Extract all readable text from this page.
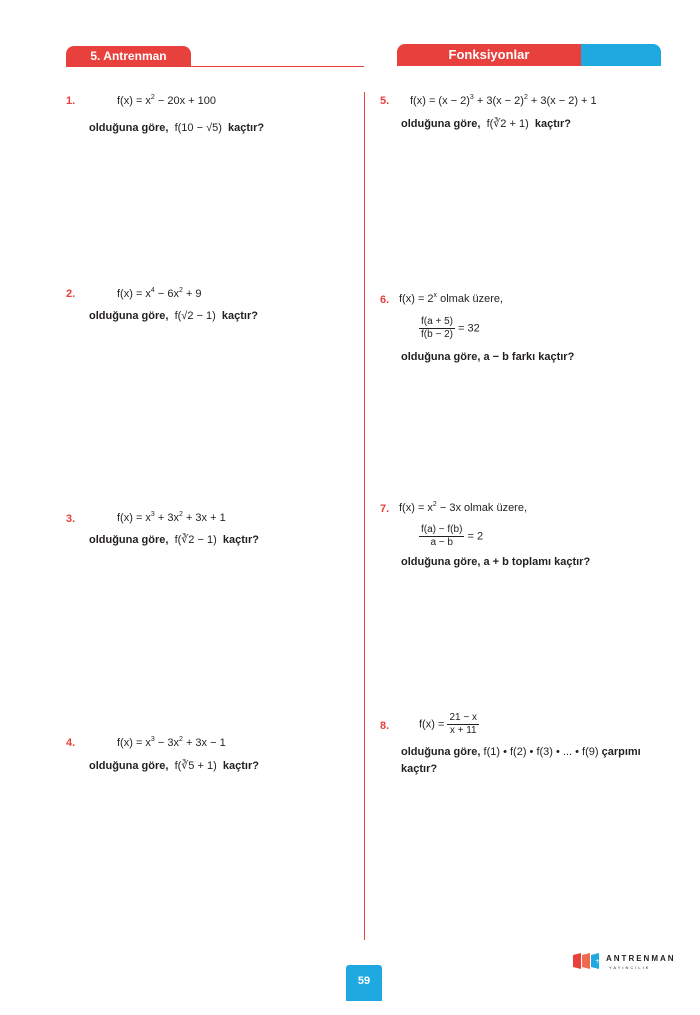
5. Antrenman	Fonksiyonlar
1.	$f(x) = x^2 - 20x + 100$
olduğuna göre, f(10 − √5) kaçtır?
2.	$f(x) = x^4 - 6x^2 + 9$
olduğuna göre, f(√2 − 1) kaçtır?
3.	$f(x) = x^3 + 3x^2 + 3x + 1$
olduğuna göre, f(∛2 − 1) kaçtır?
4.	$f(x) = x^3 - 3x^2 + 3x - 1$
olduğuna göre, f(∛5 + 1) kaçtır?
5. $f(x) = (x - 2)^3 + 3(x - 2)^2 + 3(x - 2) + 1$
olduğuna göre, f(∛2 + 1) kaçtır?
6. $f(x) = 2^x$ olmak üzere,
$\frac{f(a + 5)}{f(b - 2)} = 32$
olduğuna göre, a − b farkı kaçtır?
7. $f(x) = x^2 - 3x$ olmak üzere,
$\frac{f(a) - f(b)}{a - b} = 2$
olduğuna göre, a + b toplamı kaçtır?
8.	$f(x) = \frac{21 - x}{x + 11}$
olduğuna göre, f(1) • f(2) • f(3) • ... • f(9) çarpımı
kaçtır?
+ ANTRENMAN
YAYINCILIK
59
